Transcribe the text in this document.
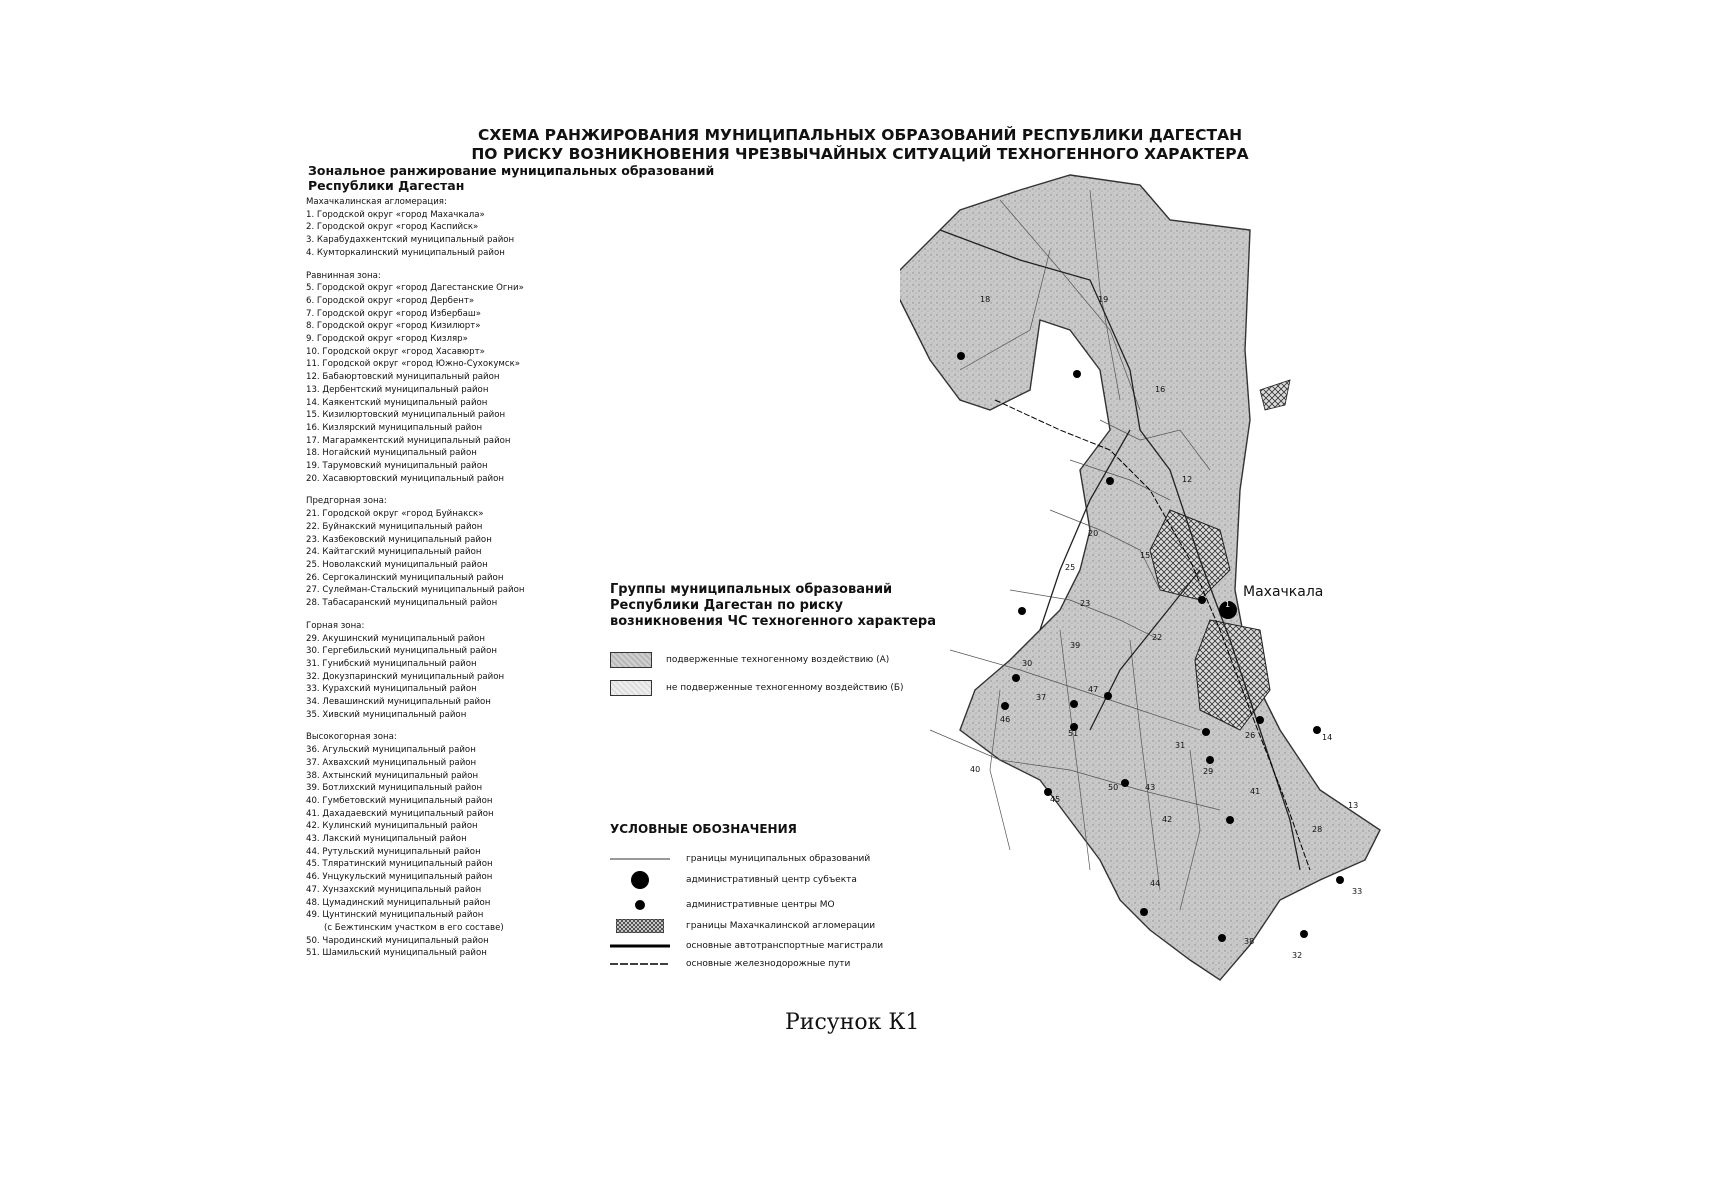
СХЕМА РАНЖИРОВАНИЯ МУНИЦИПАЛЬНЫХ ОБРАЗОВАНИЙ РЕСПУБЛИКИ ДАГЕСТАН
ПО РИСКУ ВОЗНИКНОВЕНИЯ ЧРЕЗВЫЧАЙНЫХ СИТУАЦИЙ ТЕХНОГЕННОГО ХАРАКТЕРА
Зональное ранжирование муниципальных образований
Республики Дагестан
Махачкалинская агломерация:
1. Городской округ «город Махачкала»
2. Городской округ «город Каспийск»
3. Карабудахкентский муниципальный район
4. Кумторкалинский муниципальный район
Равнинная зона:
5. Городской округ «город Дагестанские Огни»
6. Городской округ «город Дербент»
7. Городской округ «город Избербаш»
8. Городской округ «город Кизилюрт»
9. Городской округ «город Кизляр»
10. Городской округ «город Хасавюрт»
11. Городской округ «город Южно-Сухокумск»
12. Бабаюртовский муниципальный район
13. Дербентский муниципальный район
14. Каякентский муниципальный район
15. Кизилюртовский муниципальный район
16. Кизлярский муниципальный район
17. Магарамкентский муниципальный район
18. Ногайский муниципальный район
19. Тарумовский муниципальный район
20. Хасавюртовский муниципальный район
Предгорная зона:
21. Городской округ «город Буйнакск»
22. Буйнакский муниципальный район
23. Казбековский муниципальный район
24. Кайтагский муниципальный район
25. Новолакский муниципальный район
26. Сергокалинский муниципальный район
27. Сулейман-Стальский муниципальный район
28. Табасаранский муниципальный район
Горная зона:
29. Акушинский муниципальный район
30. Гергебильский муниципальный район
31. Гунибский муниципальный район
32. Докузпаринский муниципальный район
33. Курахский муниципальный район
34. Левашинский муниципальный район
35. Хивский муниципальный район
Высокогорная зона:
36. Агульский муниципальный район
37. Ахвахский муниципальный район
38. Ахтынский муниципальный район
39. Ботлихский муниципальный район
40. Гумбетовский муниципальный район
41. Дахадаевский муниципальный район
42. Кулинский муниципальный район
43. Лакский муниципальный район
44. Рутульский муниципальный район
45. Тляратинский муниципальный район
46. Унцукульский муниципальный район
47. Хунзахский муниципальный район
48. Цумадинский муниципальный район
49. Цунтинский муниципальный район
(с Бежтинским участком в его составе)
50. Чародинский муниципальный район
51. Шамильский муниципальный район
18	19
16
12
20
15
25
23
22
39
30
37
47
46
51
40
50
45
43
42
31
29
41
26	14
13
28
44
38
32
33
1
Махачкала
Группы муниципальных образований
Республики Дагестан по риску
возникновения ЧС техногенного характера
подверженные техногенному воздействию (А)
не подверженные техногенному воздействию (Б)
УСЛОВНЫЕ ОБОЗНАЧЕНИЯ
границы муниципальных образований
административный центр субъекта
административные центры МО
границы Махачкалинской агломерации
основные автотранспортные магистрали
основные железнодорожные пути
Рисунок К1
